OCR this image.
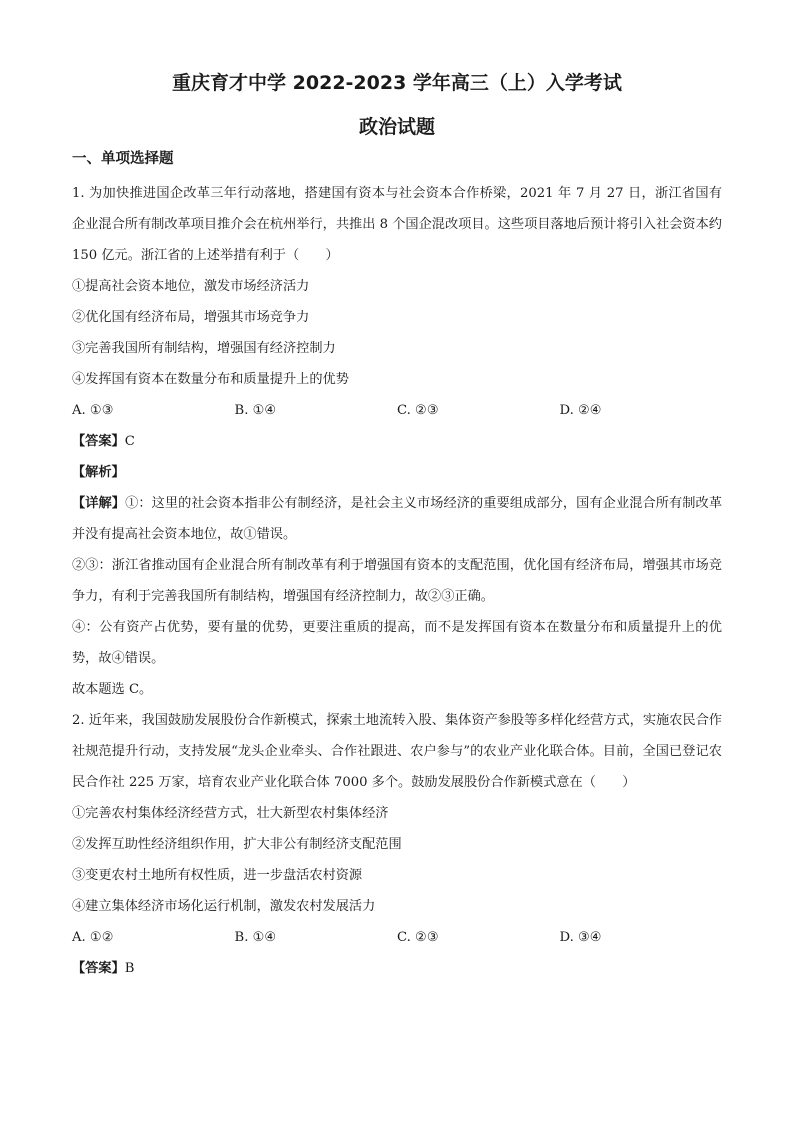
重庆育才中学 2022-2023 学年高三（上）入学考试
政治试题
一、单项选择题

1. 为加快推进国企改革三年行动落地，搭建国有资本与社会资本合作桥梁，2021 年 7 月 27 日，浙江省国有企业混合所有制改革项目推介会在杭州举行，共推出 8 个国企混改项目。这些项目落地后预计将引入社会资本约 150 亿元。浙江省的上述举措有利于（　　）

①提高社会资本地位，激发市场经济活力

②优化国有经济布局，增强其市场竞争力

③完善我国所有制结构，增强国有经济控制力

④发挥国有资本在数量分布和质量提升上的优势

A. ①③	B. ①④	C. ②③	D. ②④

【答案】C

【解析】

【详解】①：这里的社会资本指非公有制经济，是社会主义市场经济的重要组成部分，国有企业混合所有制改革并没有提高社会资本地位，故①错误。

②③：浙江省推动国有企业混合所有制改革有利于增强国有资本的支配范围，优化国有经济布局，增强其市场竞争力，有利于完善我国所有制结构，增强国有经济控制力，故②③正确。

④：公有资产占优势，要有量的优势，更要注重质的提高，而不是发挥国有资本在数量分布和质量提升上的优势，故④错误。

故本题选 C。

2. 近年来，我国鼓励发展股份合作新模式，探索土地流转入股、集体资产参股等多样化经营方式，实施农民合作社规范提升行动，支持发展“龙头企业牵头、合作社跟进、农户参与”的农业产业化联合体。目前，全国已登记农民合作社 225 万家，培育农业产业化联合体 7000 多个。鼓励发展股份合作新模式意在（　　）

①完善农村集体经济经营方式，壮大新型农村集体经济

②发挥互助性经济组织作用，扩大非公有制经济支配范围

③变更农村土地所有权性质，进一步盘活农村资源

④建立集体经济市场化运行机制，激发农村发展活力

A. ①②	B. ①④	C. ②③	D. ③④

【答案】B
